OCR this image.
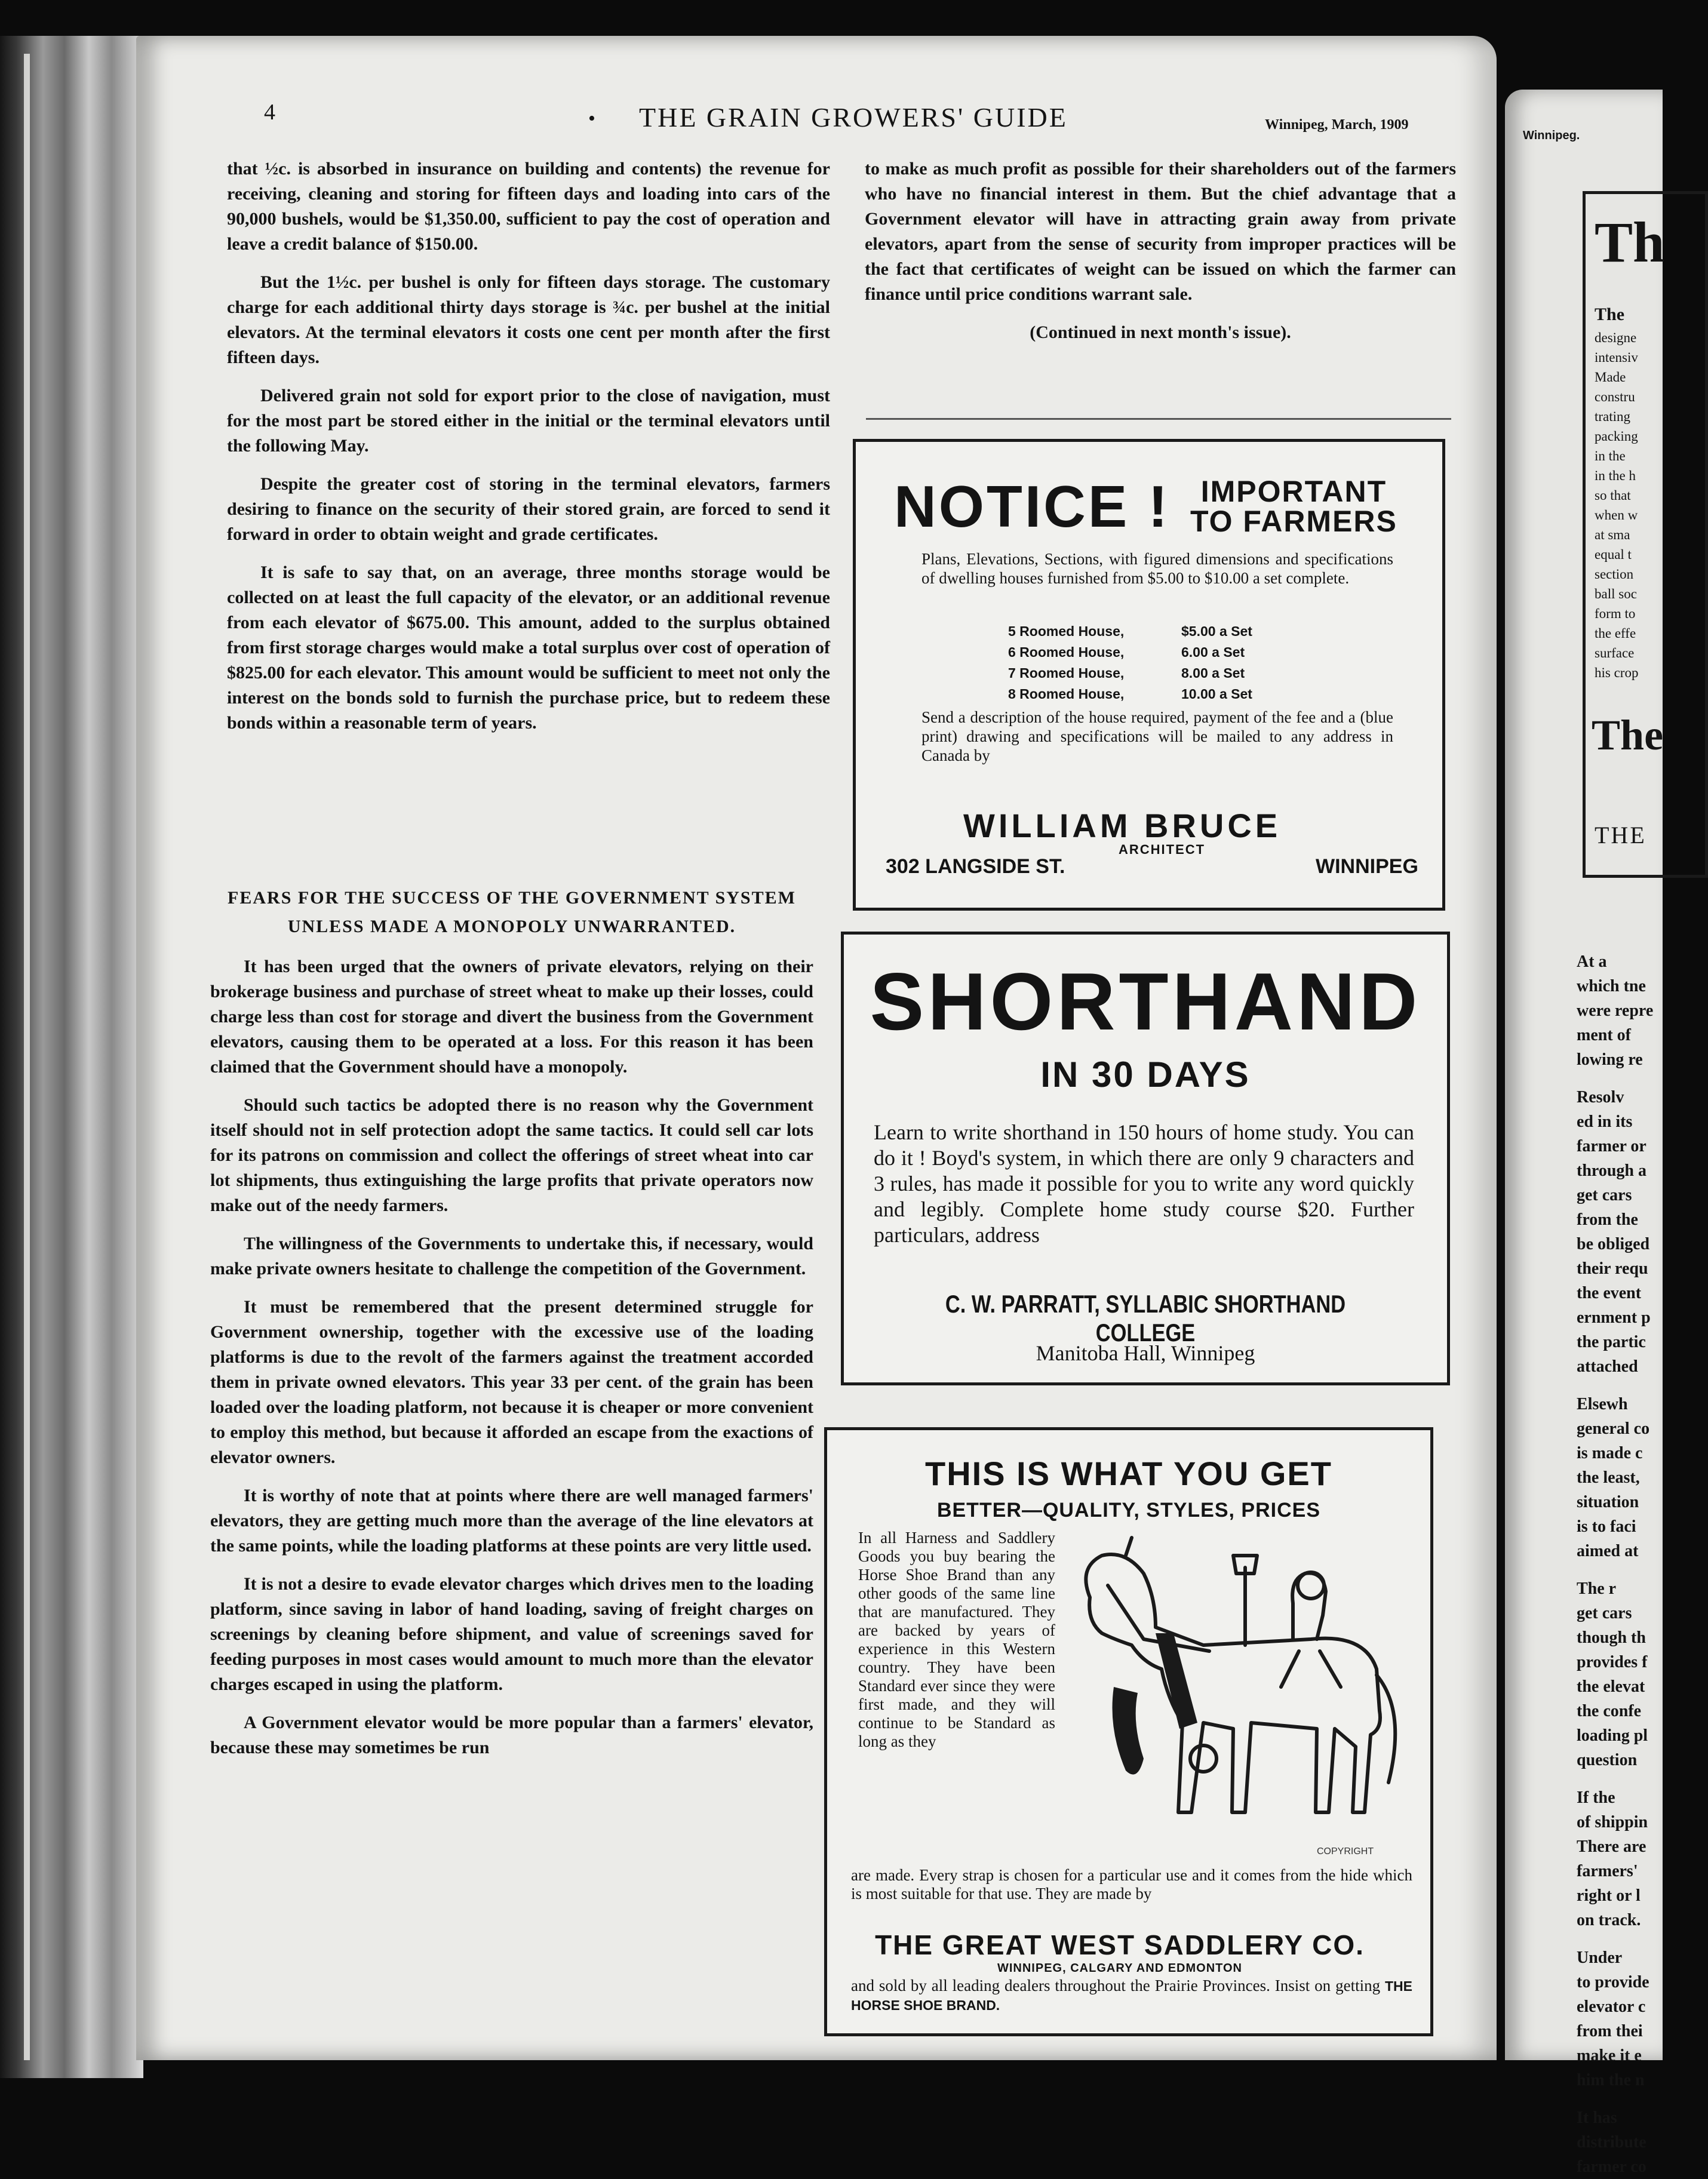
4	• THE GRAIN GROWERS' GUIDE	Winnipeg, March, 1909

that ½c. is absorbed in insurance on building and contents) the revenue for receiving, cleaning and storing for fifteen days and loading into cars of the 90,000 bushels, would be $1,350.00, sufficient to pay the cost of operation and leave a credit balance of $150.00.

But the 1½c. per bushel is only for fifteen days storage. The customary charge for each additional thirty days storage is ¾c. per bushel at the initial elevators. At the terminal elevators it costs one cent per month after the first fifteen days.

Delivered grain not sold for export prior to the close of navigation, must for the most part be stored either in the initial or the terminal elevators until the following May.

Despite the greater cost of storing in the terminal elevators, farmers desiring to finance on the security of their stored grain, are forced to send it forward in order to obtain weight and grade certificates.

It is safe to say that, on an average, three months storage would be collected on at least the full capacity of the elevator, or an additional revenue from each elevator of $675.00. This amount, added to the surplus obtained from first storage charges would make a total surplus over cost of operation of $825.00 for each elevator. This amount would be sufficient to meet not only the interest on the bonds sold to furnish the purchase price, but to redeem these bonds within a reasonable term of years.

FEARS FOR THE SUCCESS OF THE GOVERNMENT SYSTEM UNLESS MADE A MONOPOLY UNWARRANTED.

It has been urged that the owners of private elevators, relying on their brokerage business and purchase of street wheat to make up their losses, could charge less than cost for storage and divert the business from the Government elevators, causing them to be operated at a loss. For this reason it has been claimed that the Government should have a monopoly.

Should such tactics be adopted there is no reason why the Government itself should not in self protection adopt the same tactics. It could sell car lots for its patrons on commission and collect the offerings of street wheat into car lot shipments, thus extinguishing the large profits that private operators now make out of the needy farmers.

The willingness of the Governments to undertake this, if necessary, would make private owners hesitate to challenge the competition of the Government.

It must be remembered that the present determined struggle for Government ownership, together with the excessive use of the loading platforms is due to the revolt of the farmers against the treatment accorded them in private owned elevators. This year 33 per cent. of the grain has been loaded over the loading platform, not because it is cheaper or more convenient to employ this method, but because it afforded an escape from the exactions of elevator owners.

It is worthy of note that at points where there are well managed farmers' elevators, they are getting much more than the average of the line elevators at the same points, while the loading platforms at these points are very little used.

It is not a desire to evade elevator charges which drives men to the loading platform, since saving in labor of hand loading, saving of freight charges on screenings by cleaning before shipment, and value of screenings saved for feeding purposes in most cases would amount to much more than the elevator charges escaped in using the platform.

A Government elevator would be more popular than a farmers' elevator, because these may sometimes be run

to make as much profit as possible for their shareholders out of the farmers who have no financial interest in them. But the chief advantage that a Government elevator will have in attracting grain away from private elevators, apart from the sense of security from improper practices will be the fact that certificates of weight can be issued on which the farmer can finance until price conditions warrant sale.

(Continued in next month's issue).

NOTICE !	IMPORTANT
TO FARMERS
Plans, Elevations, Sections, with figured dimensions and specifications of dwelling houses furnished from $5.00 to $10.00 a set complete.
5 Roomed House,	$5.00 a Set
6 Roomed House,	6.00 a Set
7 Roomed House,	8.00 a Set
8 Roomed House,	10.00 a Set
Send a description of the house required, payment of the fee and a (blue print) drawing and specifications will be mailed to any address in Canada by
WILLIAM BRUCE
ARCHITECT
302 LANGSIDE ST.	WINNIPEG
SHORTHAND
IN 30 DAYS
Learn to write shorthand in 150 hours of home study. You can do it ! Boyd's system, in which there are only 9 characters and 3 rules, has made it possible for you to write any word quickly and legibly. Complete home study course $20. Further particulars, address
C. W. PARRATT, SYLLABIC SHORTHAND COLLEGE
Manitoba Hall, Winnipeg
THIS IS WHAT YOU GET
BETTER—QUALITY, STYLES, PRICES
In all Harness and Saddlery Goods you buy bearing the Horse Shoe Brand than any other goods of the same line that are manufactured. They are backed by years of experience in this Western country. They have been Standard ever since they were first made, and they will continue to be Standard as long as they
COPYRIGHT
are made. Every strap is chosen for a particular use and it comes from the hide which is most suitable for that use. They are made by
THE GREAT WEST SADDLERY CO.
WINNIPEG, CALGARY AND EDMONTON
and sold by all leading dealers throughout the Prairie Provinces. Insist on getting THE HORSE SHOE BRAND.
Winnipeg.
Th
The
designe
intensiv
Made
constru
trating
packing
in the
in the h
so that
when w
at sma
equal t
section
ball soc
form to
the effe
surface
his crop
The
THE
At a
which tne
were repre
ment of
lowing re
Resolv
ed in its
farmer or
through a
get cars
from the
be obliged
their requ
the event
ernment p
the partic
attached
Elsewh
general co
is made c
the least,
situation
is to faci
aimed at
The r
get cars
though th
provides f
the elevat
the confe
loading pl
question
If the
of shippin
There are
farmers'
right or l
on track.
Under
to provide
elevator c
from thei
make it e
him the n
It has
distribute
farmer co
